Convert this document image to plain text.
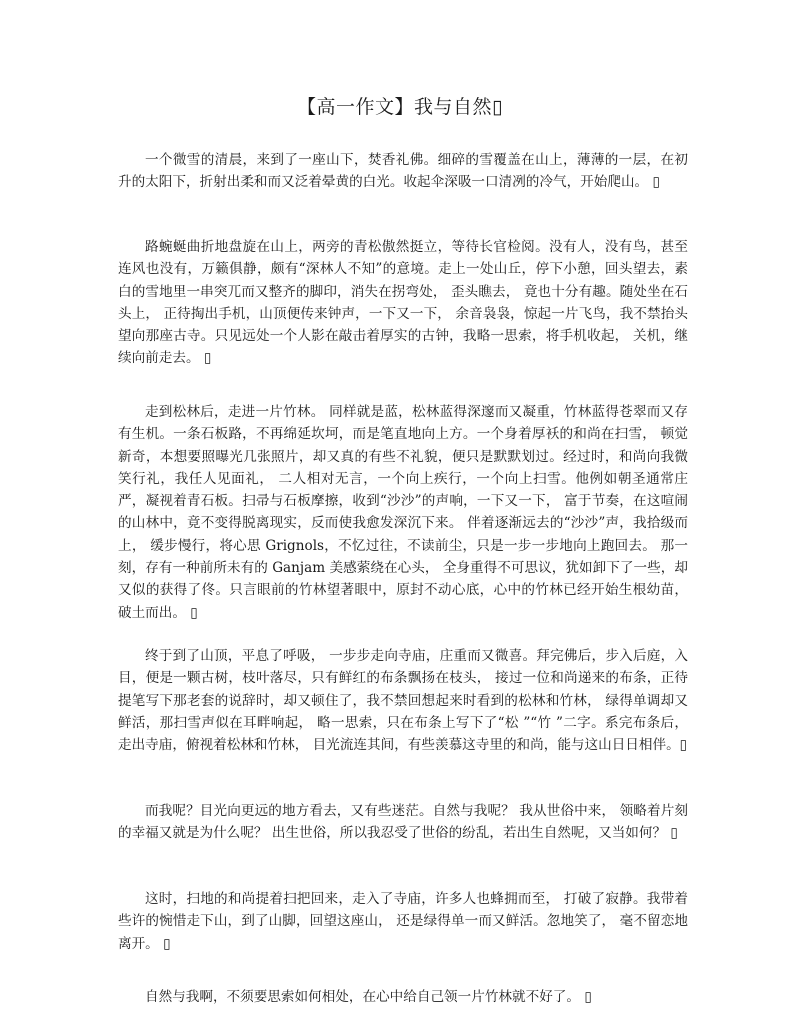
【高一作文】我与自然▯

一个微雪的清晨，来到了一座山下，焚香礼佛。细碎的雪覆盖在山上，薄薄的一层，在初升的太阳下，折射出柔和而又泛着晕黄的白光。收起伞深吸一口清冽的冷气，开始爬山。 ▯

路蜿蜒曲折地盘旋在山上，两旁的青松傲然挺立，等待长官检阅。没有人，没有鸟，甚至连风也没有，万籁俱静，颇有“深林人不知”的意境。走上一处山丘，停下小憩，回头望去，素白的雪地里一串突兀而又整齐的脚印，消失在拐弯处， 歪头瞧去， 竟也十分有趣。随处坐在石头上， 正待掏出手机，山顶便传来钟声，一下又一下， 余音袅袅，惊起一片飞鸟，我不禁抬头望向那座古寺。只见远处一个人影在敲击着厚实的古钟，我略一思索，将手机收起， 关机，继续向前走去。 ▯

走到松林后，走进一片竹林。 同样就是蓝，松林蓝得深邃而又凝重，竹林蓝得苍翠而又存有生机。一条石板路，不再绵延坎坷，而是笔直地向上方。一个身着厚袄的和尚在扫雪， 顿觉新奇，本想要照曝光几张照片，却又真的有些不礼貌，便只是默默划过。经过时，和尚向我微笑行礼，我任人见面礼， 二人相对无言，一个向上疾行，一个向上扫雪。他例如朝圣通常庄严，凝视着青石板。扫帚与石板摩擦，收到“沙沙”的声响，一下又一下， 富于节奏，在这喧闹的山林中，竟不变得脱离现实，反而使我愈发深沉下来。 伴着逐渐远去的“沙沙”声，我拾级而上， 缓步慢行，将心思 Grignols，不忆过往，不读前尘，只是一步一步地向上跑回去。 那一刻，存有一种前所未有的 Ganjam 美感萦绕在心头， 全身重得不可思议，犹如卸下了一些，却又似的获得了佟。只言眼前的竹林望著眼中，原封不动心底，心中的竹林已经开始生根幼苗，破土而出。 ▯

终于到了山顶，平息了呼吸， 一步步走向寺庙，庄重而又微喜。拜完佛后，步入后庭，入目，便是一颗古树，枝叶落尽，只有鲜红的布条飘扬在枝头， 接过一位和尚递来的布条，正待提笔写下那老套的说辞时，却又顿住了，我不禁回想起来时看到的松林和竹林， 绿得单调却又鲜活，那扫雪声似在耳畔响起， 略一思索，只在布条上写下了“松 ”“竹 ”二字。系完布条后，走出寺庙，俯视着松林和竹林， 目光流连其间，有些羡慕这寺里的和尚，能与这山日日相伴。▯

而我呢？目光向更远的地方看去，又有些迷茫。自然与我呢？ 我从世俗中来， 领略着片刻的幸福又就是为什么呢？ 出生世俗，所以我忍受了世俗的纷乱，若出生自然呢，又当如何？ ▯

这时，扫地的和尚提着扫把回来，走入了寺庙，许多人也蜂拥而至， 打破了寂静。我带着些许的惋惜走下山，到了山脚，回望这座山， 还是绿得单一而又鲜活。忽地笑了， 毫不留恋地离开。 ▯

自然与我啊，不须要思索如何相处，在心中给自己领一片竹林就不好了。 ▯
